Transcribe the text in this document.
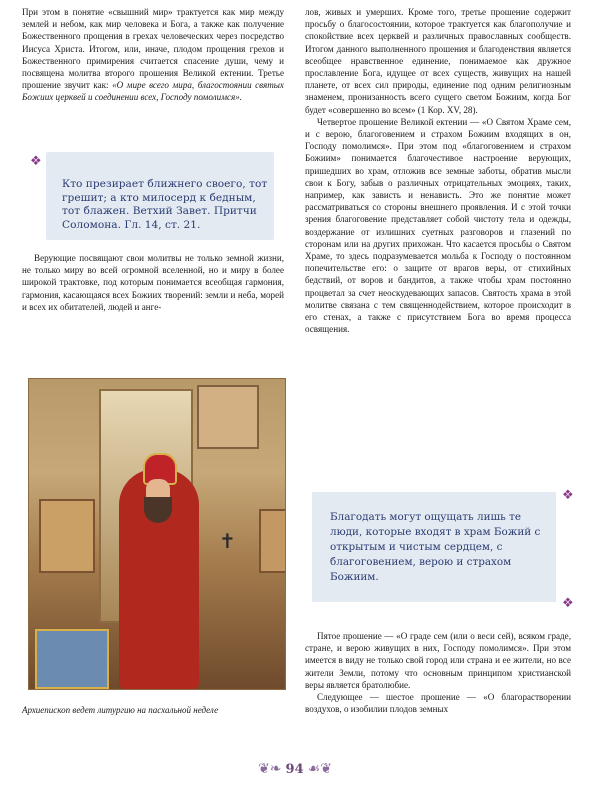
При этом в понятие «свышний мир» трактуется как мир между землей и небом, как мир человека и Бога, а также как получение Божественного прощения в грехах человеческих через посредство Иисуса Христа. Итогом, или, иначе, плодом прощения грехов и Божественного примирения считается спасение души, чему и посвящена молитва второго прошения Великой ектении. Третье прошение звучит как: «О мире всего мира, благостоянии святых Божиих церквей и соединении всех, Господу помолимся».

❖
Кто презирает ближнего своего, тот грешит; а кто милосерд к бедным, тот блажен. Ветхий Завет. Притчи Соломона. Гл. 14, ст. 21.

Верующие посвящают свои молитвы не только земной жизни, не только миру во всей огромной вселенной, но и миру в более широкой трактовке, под которым понимается всеобщая гармония, гармония, касающаяся всех Божиих творений: земли и неба, морей и всех их обитателей, людей и анге-

✝
Архиепископ ведет литургию на пасхальной неделе

лов, живых и умерших. Кроме того, третье прошение содержит просьбу о благосостоянии, которое трактуется как благополучие и спокойствие всех церквей и различных православных сообществ. Итогом данного выполненного прошения и благоденствия является всеобщее нравственное единение, понимаемое как дружное прославление Бога, идущее от всех существ, живущих на нашей планете, от всех сил природы, единение под одним религиозным знаменем, пронизанность всего сущего светом Божиим, когда Бог будет «совершенно во всем» (1 Кор. XV, 28).

Четвертое прошение Великой ектении — «О Святом Храме сем, и с верою, благоговением и страхом Божиим входящих в он, Господу помолимся». При этом под «благоговением и страхом Божиим» понимается благочестивое настроение верующих, пришедших во храм, отложив все земные заботы, обратив мысли свои к Богу, забыв о различных отрицательных эмоциях, таких, например, как зависть и ненависть. Это же понятие может рассматриваться со стороны внешнего проявления. И с этой точки зрения благоговение представляет собой чистоту тела и одежды, воздержание от излишних суетных разговоров и глазений по сторонам или на других прихожан. Что касается просьбы о Святом Храме, то здесь подразумевается мольба к Господу о постоянном попечительстве его: о защите от врагов веры, от стихийных бедствий, от воров и бандитов, а также чтобы храм постоянно процветал за счет неоскудевающих запасов. Святость храма в этой молитве связана с тем священнодействием, которое происходит в его стенах, а также с присутствием Бога во время процесса освящения.

❖
❖
Благодать могут ощущать лишь те люди, которые входят в храм Божий с открытым и чистым сердцем, с благоговением, верою и страхом Божиим.

Пятое прошение — «О граде сем (или о веси сей), всяком граде, стране, и верою живущих в них, Господу помолимся». При этом имеется в виду не только свой город или страна и ее жители, но все жители Земли, потому что основным принципом христианской веры является братолюбие.

Следующее — шестое прошение — «О благорастворении воздухов, о изобилии плодов земных

❦❧ 94 ☙❦
